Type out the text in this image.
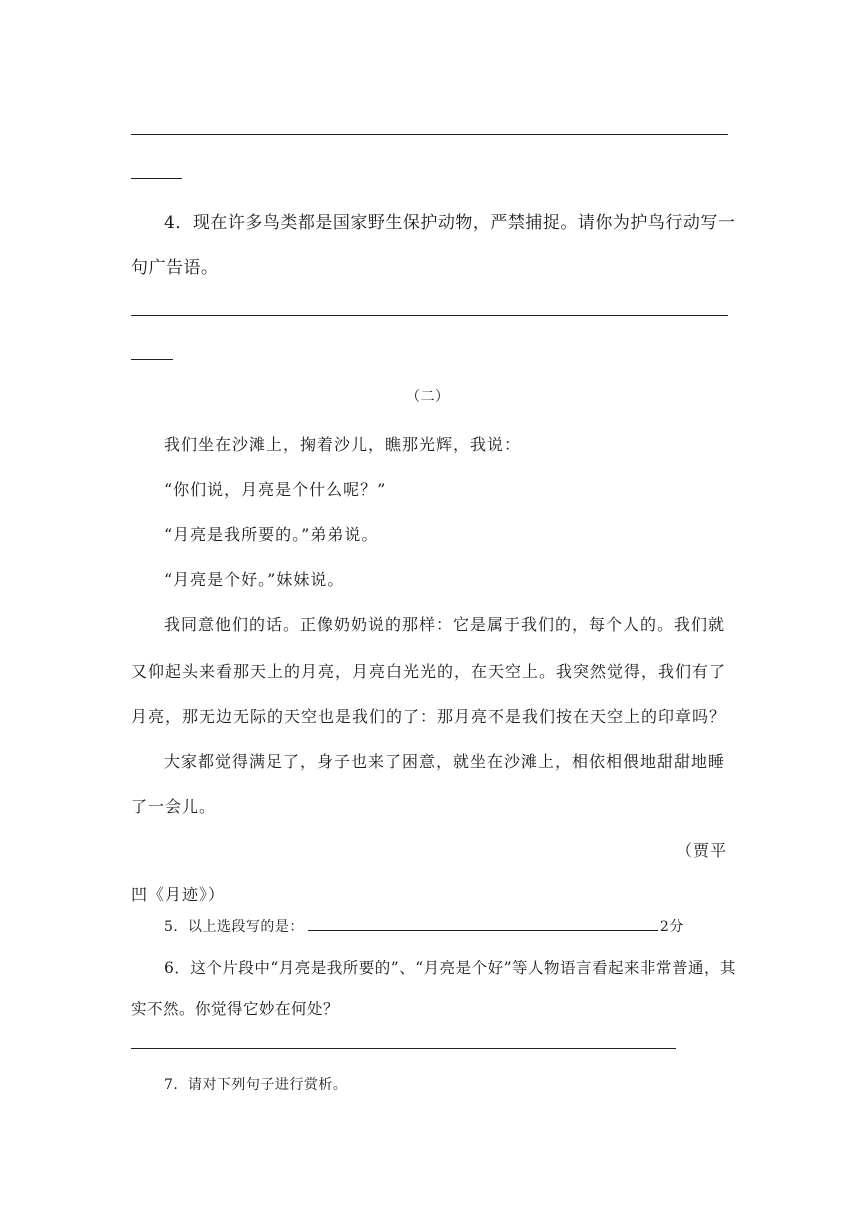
4．现在许多鸟类都是国家野生保护动物，严禁捕捉。请你为护鸟行动写一
句广告语。
（二）
我们坐在沙滩上，掬着沙儿，瞧那光辉，我说：
“你们说，月亮是个什么呢？”
“月亮是我所要的。”弟弟说。
“月亮是个好。”妹妹说。
我同意他们的话。正像奶奶说的那样：它是属于我们的，每个人的。我们就
又仰起头来看那天上的月亮，月亮白光光的，在天空上。我突然觉得，我们有了
月亮，那无边无际的天空也是我们的了：那月亮不是我们按在天空上的印章吗？
大家都觉得满足了，身子也来了困意，就坐在沙滩上，相依相偎地甜甜地睡
了一会儿。
（贾平
凹《月迹》）
5．以上选段写的是：	2分
6．这个片段中“月亮是我所要的”、“月亮是个好”等人物语言看起来非常普通，其
实不然。你觉得它妙在何处？
7．请对下列句子进行赏析。
